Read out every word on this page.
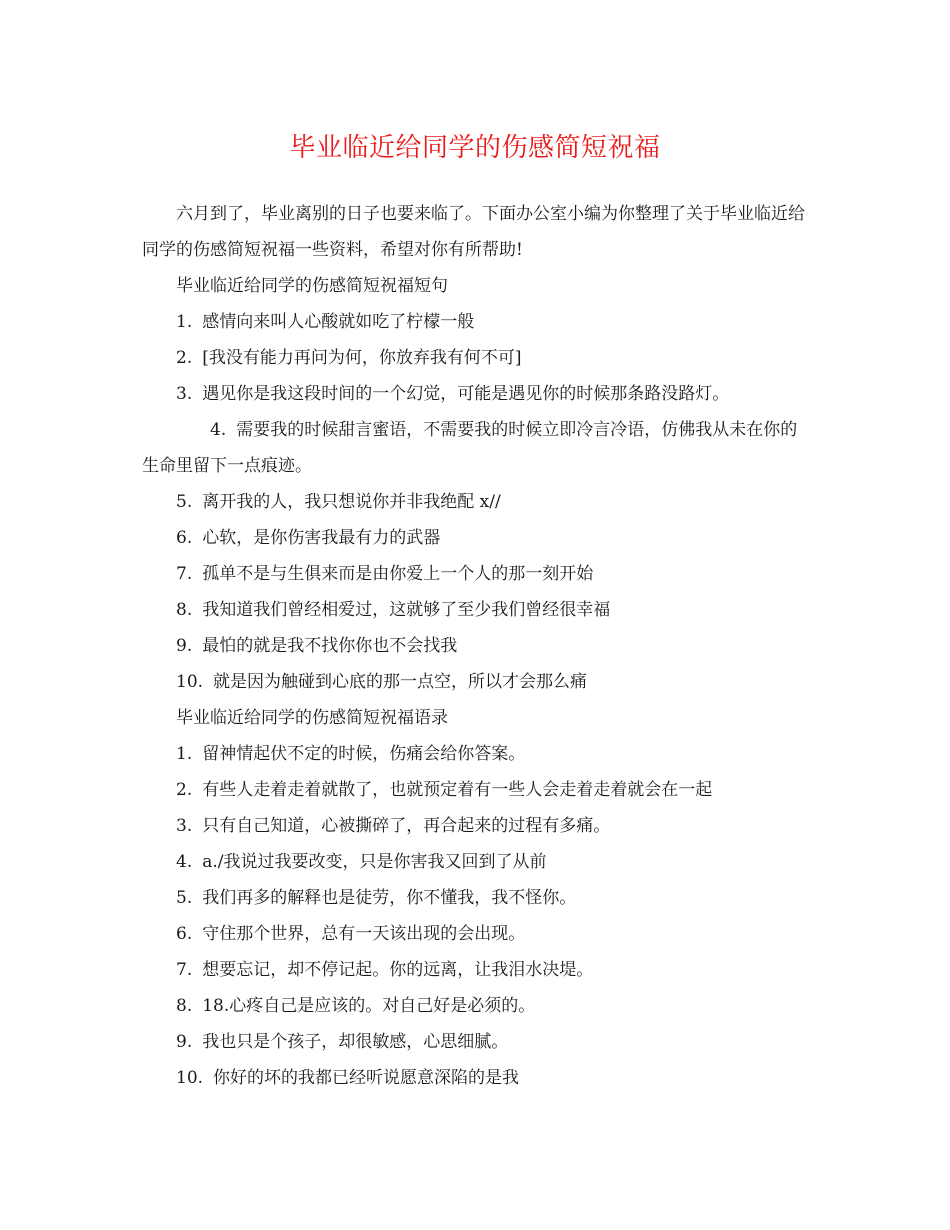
毕业临近给同学的伤感简短祝福

六月到了，毕业离别的日子也要来临了。下面办公室小编为你整理了关于毕业临近给同学的伤感简短祝福一些资料，希望对你有所帮助!

毕业临近给同学的伤感简短祝福短句

1. 感情向来叫人心酸就如吃了柠檬一般

2. [我没有能力再问为何，你放弃我有何不可]

3. 遇见你是我这段时间的一个幻觉，可能是遇见你的时候那条路没路灯。

4. 需要我的时候甜言蜜语，不需要我的时候立即冷言冷语，仿佛我从未在你的生命里留下一点痕迹。

5. 离开我的人，我只想说你并非我绝配 x//

6. 心软，是你伤害我最有力的武器

7. 孤单不是与生俱来而是由你爱上一个人的那一刻开始

8. 我知道我们曾经相爱过，这就够了至少我们曾经很幸福

9. 最怕的就是我不找你你也不会找我

10. 就是因为触碰到心底的那一点空，所以才会那么痛

毕业临近给同学的伤感简短祝福语录

1. 留神情起伏不定的时候，伤痛会给你答案。

2. 有些人走着走着就散了，也就预定着有一些人会走着走着就会在一起

3. 只有自己知道，心被撕碎了，再合起来的过程有多痛。

4. a./我说过我要改变，只是你害我又回到了从前

5. 我们再多的解释也是徒劳，你不懂我，我不怪你。

6. 守住那个世界，总有一天该出现的会出现。

7. 想要忘记，却不停记起。你的远离，让我泪水决堤。

8. 18.心疼自己是应该的。对自己好是必须的。

9. 我也只是个孩子，却很敏感，心思细腻。

10. 你好的坏的我都已经听说愿意深陷的是我
